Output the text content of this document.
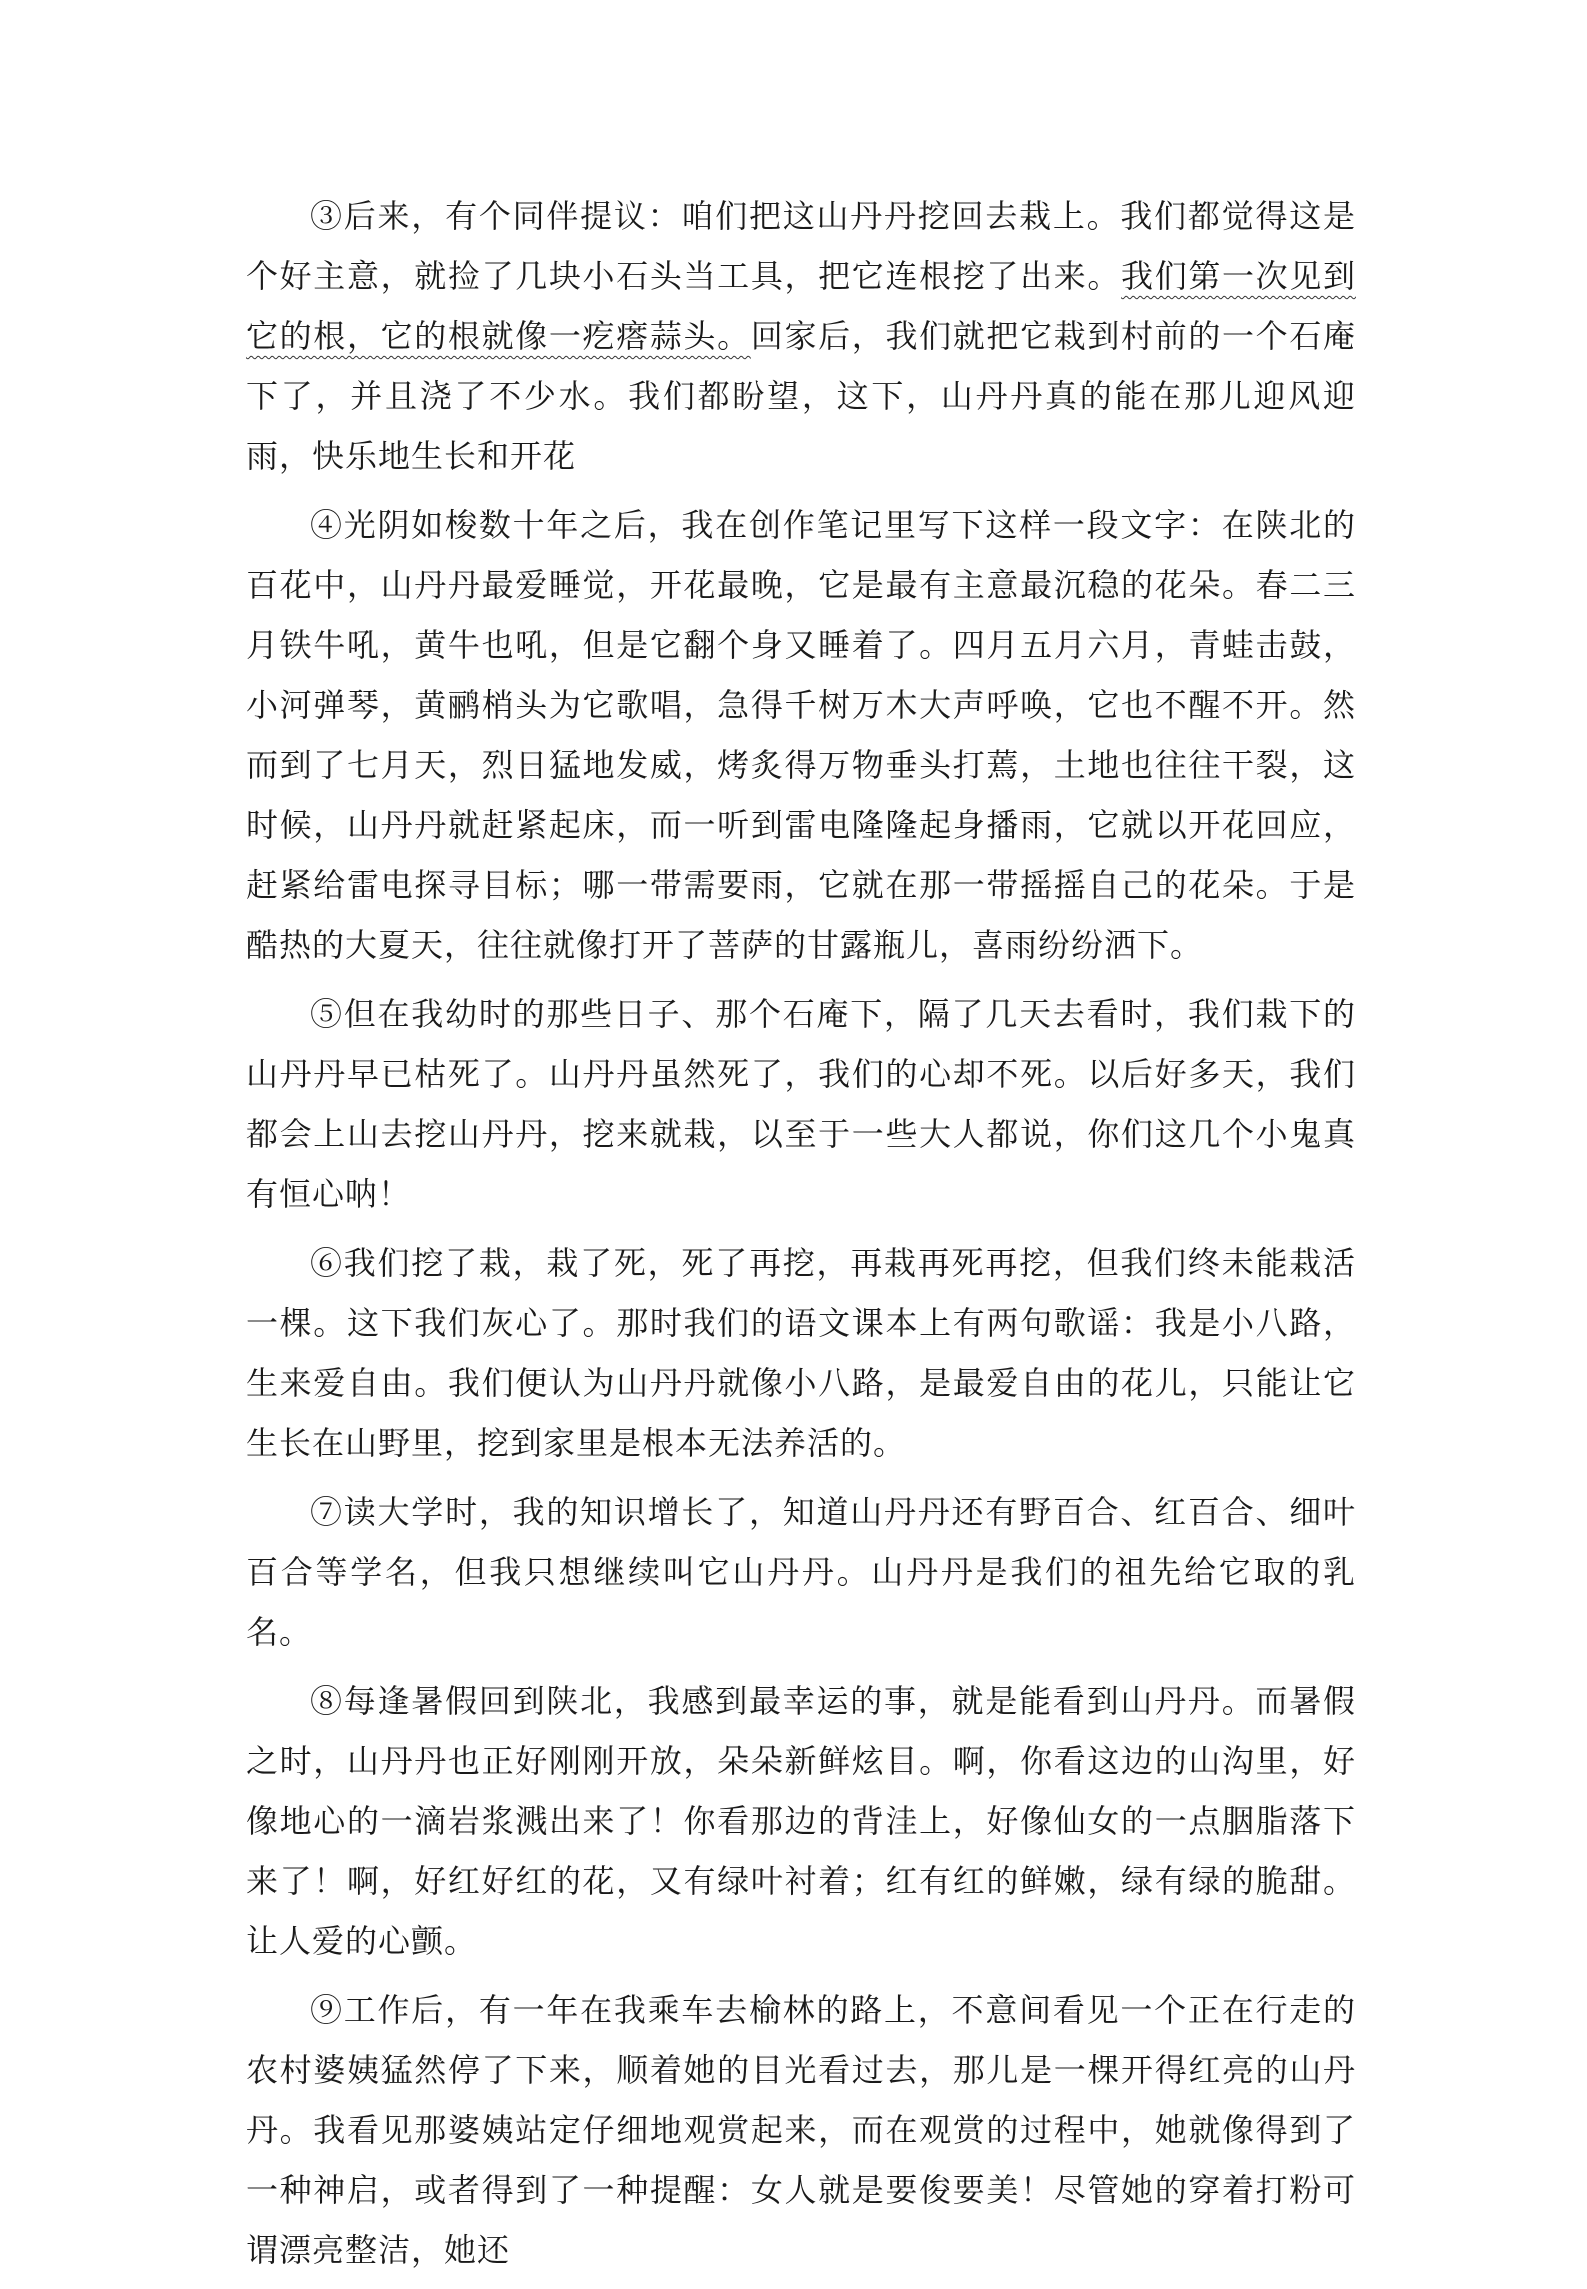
③后来，有个同伴提议：咱们把这山丹丹挖回去栽上。我们都觉得这是个好主意，就捡了几块小石头当工具，把它连根挖了出来。我们第一次见到它的根，它的根就像一疙瘩蒜头。回家后，我们就把它栽到村前的一个石庵下了，并且浇了不少水。我们都盼望，这下，山丹丹真的能在那儿迎风迎雨，快乐地生长和开花

④光阴如梭数十年之后，我在创作笔记里写下这样一段文字：在陕北的百花中，山丹丹最爱睡觉，开花最晚，它是最有主意最沉稳的花朵。春二三月铁牛吼，黄牛也吼，但是它翻个身又睡着了。四月五月六月，青蛙击鼓，小河弹琴，黄鹂梢头为它歌唱，急得千树万木大声呼唤，它也不醒不开。然而到了七月天，烈日猛地发威，烤炙得万物垂头打蔫，土地也往往干裂，这时候，山丹丹就赶紧起床，而一听到雷电隆隆起身播雨，它就以开花回应，赶紧给雷电探寻目标；哪一带需要雨，它就在那一带摇摇自己的花朵。于是酷热的大夏天，往往就像打开了菩萨的甘露瓶儿，喜雨纷纷洒下。

⑤但在我幼时的那些日子、那个石庵下，隔了几天去看时，我们栽下的山丹丹早已枯死了。山丹丹虽然死了，我们的心却不死。以后好多天，我们都会上山去挖山丹丹，挖来就栽，以至于一些大人都说，你们这几个小鬼真有恒心呐！

⑥我们挖了栽，栽了死，死了再挖，再栽再死再挖，但我们终未能栽活一棵。这下我们灰心了。那时我们的语文课本上有两句歌谣：我是小八路，生来爱自由。我们便认为山丹丹就像小八路，是最爱自由的花儿，只能让它生长在山野里，挖到家里是根本无法养活的。

⑦读大学时，我的知识增长了，知道山丹丹还有野百合、红百合、细叶百合等学名，但我只想继续叫它山丹丹。山丹丹是我们的祖先给它取的乳名。

⑧每逢暑假回到陕北，我感到最幸运的事，就是能看到山丹丹。而暑假之时，山丹丹也正好刚刚开放，朵朵新鲜炫目。啊，你看这边的山沟里，好像地心的一滴岩浆溅出来了！你看那边的背洼上，好像仙女的一点胭脂落下来了！啊，好红好红的花，又有绿叶衬着；红有红的鲜嫩，绿有绿的脆甜。让人爱的心颤。

⑨工作后，有一年在我乘车去榆林的路上，不意间看见一个正在行走的农村婆姨猛然停了下来，顺着她的目光看过去，那儿是一棵开得红亮的山丹丹。我看见那婆姨站定仔细地观赏起来，而在观赏的过程中，她就像得到了一种神启，或者得到了一种提醒：女人就是要俊要美！尽管她的穿着打粉可谓漂亮整洁，她还
